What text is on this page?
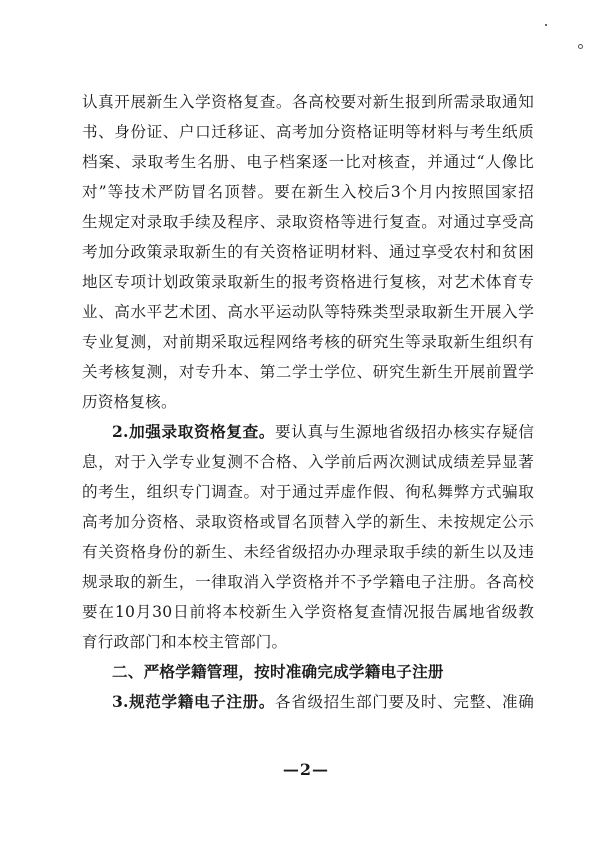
认真开展新生入学资格复查。各高校要对新生报到所需录取通知
书、身份证、户口迁移证、高考加分资格证明等材料与考生纸质
档案、录取考生名册、电子档案逐一比对核查，并通过“人像比
对”等技术严防冒名顶替。要在新生入校后3个月内按照国家招
生规定对录取手续及程序、录取资格等进行复查。对通过享受高
考加分政策录取新生的有关资格证明材料、通过享受农村和贫困
地区专项计划政策录取新生的报考资格进行复核，对艺术体育专
业、高水平艺术团、高水平运动队等特殊类型录取新生开展入学
专业复测，对前期采取远程网络考核的研究生等录取新生组织有
关考核复测，对专升本、第二学士学位、研究生新生开展前置学
历资格复核。
2.加强录取资格复查。要认真与生源地省级招办核实存疑信
息，对于入学专业复测不合格、入学前后两次测试成绩差异显著
的考生，组织专门调查。对于通过弄虚作假、徇私舞弊方式骗取
高考加分资格、录取资格或冒名顶替入学的新生、未按规定公示
有关资格身份的新生、未经省级招办办理录取手续的新生以及违
规录取的新生，一律取消入学资格并不予学籍电子注册。各高校
要在10月30日前将本校新生入学资格复查情况报告属地省级教
育行政部门和本校主管部门。
二、严格学籍管理，按时准确完成学籍电子注册
3.规范学籍电子注册。各省级招生部门要及时、完整、准确
—2—
